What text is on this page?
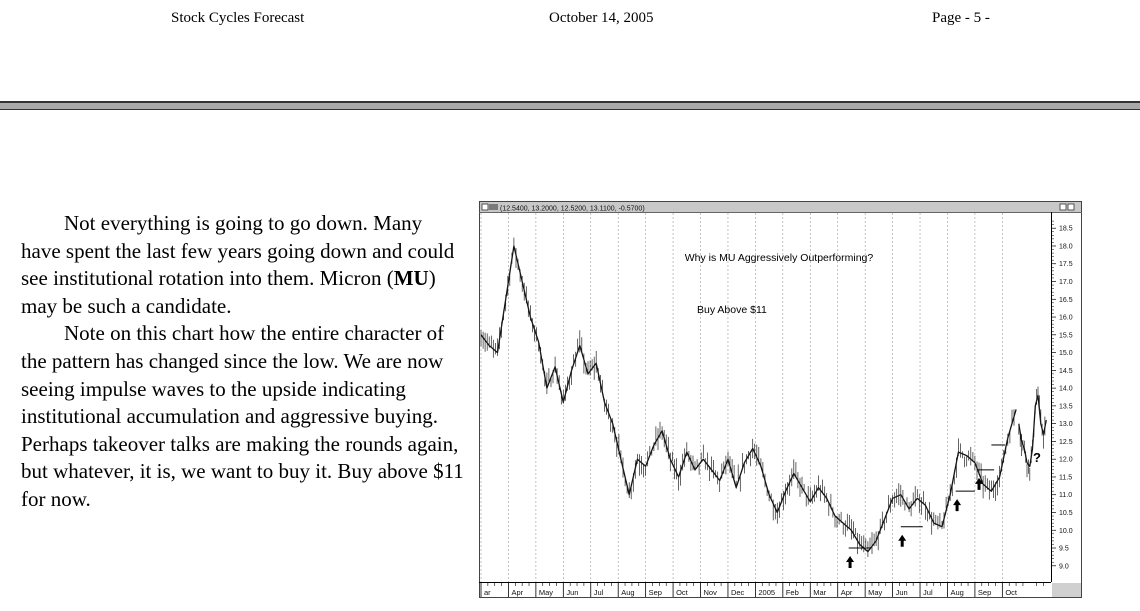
Stock Cycles Forecast	October 14, 2005	Page - 5 -

Not everything is going to go down. Many have spent the last few years going down and could see institutional rotation into them. Micron (MU) may be such a candidate.

Note on this chart how the entire character of the pattern has changed since the low. We are now seeing impulse waves to the upside indicating institutional accumulation and aggressive buying. Perhaps takeover talks are making the rounds again, but whatever, it is, we want to buy it. Buy above $11 for now.

(12.5400, 13.2000, 12.5200, 13.1100, -0.5700)
9.0
9.5
10.0
10.5
11.0
11.5
12.0
12.5
13.0
13.5
14.0
14.5
15.0
15.5
16.0
16.5
17.0
17.5
18.0
18.5
ar	Apr May Jun Jul Aug Sep Oct Nov Dec 2005 Feb Mar Apr May Jun Jul Aug Sep Oct
Why is MU Aggressively Outperforming?
Buy Above $11
?
